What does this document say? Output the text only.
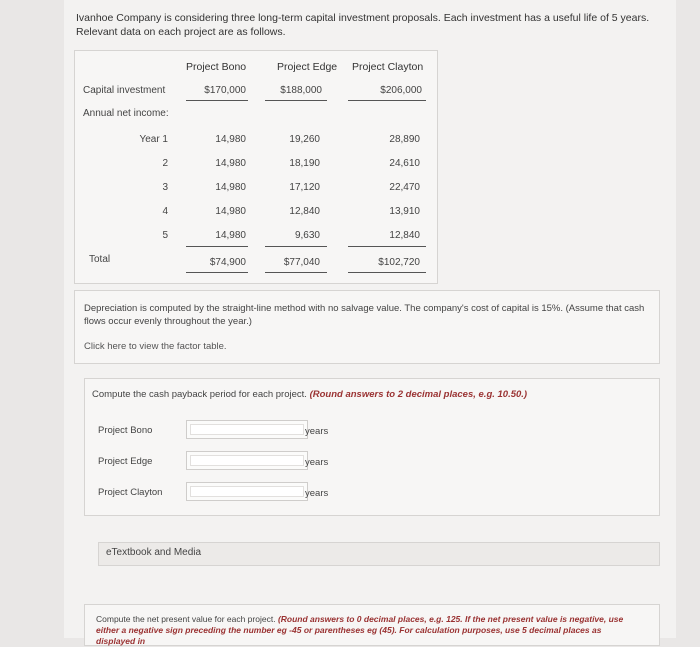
Ivanhoe Company is considering three long-term capital investment proposals. Each investment has a useful life of 5 years. Relevant data on each project are as follows.
Project Bono	Project Edge Project Clayton
Capital investment	$170,000	$188,000	$206,000
Annual net income:
Year 1	14,980	19,260	28,890
2	14,980	18,190	24,610
3	14,980	17,120	22,470
4	14,980	12,840	13,910
5	14,980	9,630	12,840
Total	$74,900	$77,040	$102,720
Depreciation is computed by the straight-line method with no salvage value. The company's cost of capital is 15%. (Assume that cash flows occur evenly throughout the year.)
Click here to view the factor table.
Compute the cash payback period for each project. (Round answers to 2 decimal places, e.g. 10.50.)
Project Bono	years
Project Edge	years
Project Clayton	years
eTextbook and Media
Compute the net present value for each project. (Round answers to 0 decimal places, e.g. 125. If the net present value is negative, use either a negative sign preceding the number eg -45 or parentheses eg (45). For calculation purposes, use 5 decimal places as displayed in
